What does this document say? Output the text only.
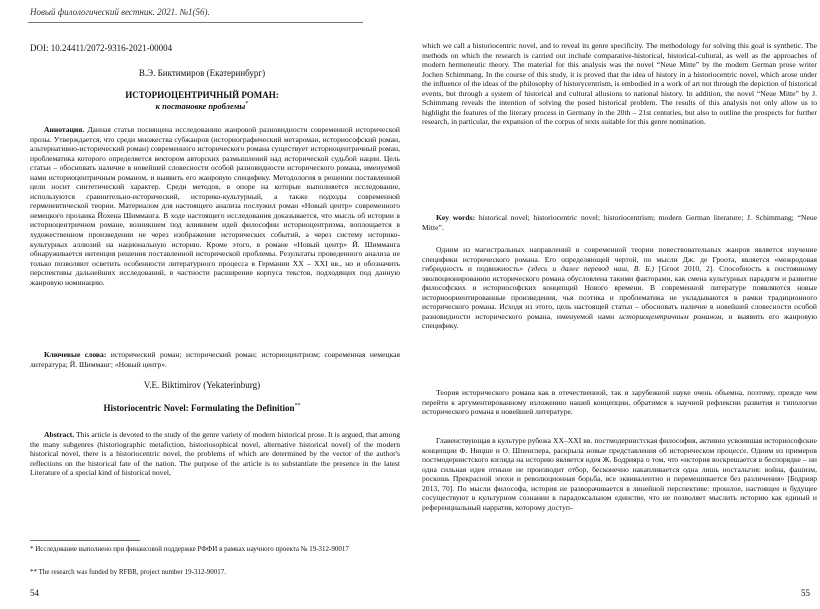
Новый филологический вестник. 2021. №1(56).
DOI: 10.24411/2072-9316-2021-00004
В.Э. Биктимиров (Екатеринбург)
ИСТОРИОЦЕНТРИЧНЫЙ РОМАН:
к постановке проблемы*
Аннотация. Данная статья посвящена исследованию жанровой разновидности современной исторической прозы. Утверждается, что среди множества субжанров (историографический метароман, историософский роман, альтернативно-исторический роман) современного исторического романа существует историоцентричный роман, проблематика которого определяется вектором авторских размышлений над исторической судьбой нации. Цель статьи – обосновать наличие в новейшей словесности особой разновидности исторического романа, именуемой нами историоцентричным романом, и выявить его жанровую специфику. Методология в решении поставленной цели носит синтетический характер. Среди методов, в опоре на которые выполняется исследование, используются сравнительно-исторический, историко-культурный, а также подходы современной герменевтической теории. Материалом для настоящего анализа послужил роман «Новый центр» современного немецкого прозаика Йохена Шимманга. В ходе настоящего исследования доказывается, что мысль об истории в историоцентричном романе, возникшем под влиянием идей философии историоцентризма, воплощается в художественном произведении не через изображение исторических событий, а через систему историко-культурных аллюзий на национальную историю. Кроме этого, в романе «Новый центр» Й. Шимманга обнаруживается интенция решения поставленной исторической проблемы. Результаты проведенного анализа не только позволяют осветить особенности литературного процесса в Германии XX – XXI вв., но и обозначить перспективы дальнейших исследований, в частности расширение корпуса текстов, подходящих под данную жанровую номинацию.
Ключевые слова: исторический роман; исторический роман; историоцентризм; современная немецкая литература; Й. Шимманг; «Новый центр».
V.E. Biktimirov (Yekaterinburg)
Historiocentric Novel: Formulating the Definition**
Abstract. This article is devoted to the study of the genre variety of modern historical prose. It is argued, that among the many subgenres (historiographic metafiction, historiosophical novel, alternative historical novel) of the modern historical novel, there is a historiocentric novel, the problems of which are determined by the vector of the author's reflections on the historical fate of the nation. The purpose of the article is to substantiate the presence in the latest Literature of a special kind of historical novel,
* Исследование выполнено при финансовой поддержке РФФИ в рамках научного проекта № 19-312-90017
** The research was funded by RFBR, project number 19-312-90017.
54
which we call a historiocentric novel, and to reveal its genre specificity. The methodology for solving this goal is synthetic. The methods on which the research is carried out include comparative-historical, historical-cultural, as well as the approaches of modern hermeneutic theory. The material for this analysis was the novel “Neue Mitte” by the modern German prose writer Jochen Schimmang. In the course of this study, it is proved that the idea of history in a historiocentric novel, which arose under the influence of the ideas of the philosophy of historycentrism, is embodied in a work of art not through the depiction of historical events, but through a system of historical and cultural allusions to national history. In addition, the novel “Neue Mitte” by J. Schimmang reveals the intention of solving the posed historical problem. The results of this analysis not only allow us to highlight the features of the literary process in Germany in the 20th – 21st centuries, but also to outline the prospects for further research, in particular, the expansion of the corpus of texts suitable for this genre nomination.
Key words: historical novel; historiocentric novel; historiocentrism; modern German literature; J. Schimmang; “Neue Mitte”.
Одним из магистральных направлений в современной теории повествовательных жанров является изучение специфики исторического романа. Его определяющей чертой, по мысли Дж. де Гроота, является «межродовая гибридность и подвижность» (здесь и далее перевод наш, В. Б.) [Groot 2010, 2]. Способность к постоянному эволюционированию исторического романа обусловлена такими факторами, как смена культурных парадигм и развитие философских и историософских концепций Нового времени. В современной литературе появляются новые историоориентированные произведения, чья поэтика и проблематика не укладываются в рамки традиционного исторического романа. Исходя из этого, цель настоящей статьи – обосновать наличие в новейшей словесности особой разновидности исторического романа, именуемой нами историоцентричным романом, и выявить его жанровую специфику.
Теория исторического романа как в отечественной, так и зарубежной науке очень объемна, поэтому, прежде чем перейти к аргументированному изложению нашей концепции, обратимся к научной рефлексии развития и типологии исторического романа в новейшей литературе.
Главенствующая в культуре рубежа XX–XXI вв. постмодернистская философия, активно усвоившая историософские концепции Ф. Ницше и О. Шпенглера, раскрыла новые представления об историческом процессе. Одним из примеров постмодернистского взгляда на историю является идея Ж. Бодрияра о том, что «история воскрешается в беспорядке – ни одна сильная идея отныне не производит отбор, бесконечно накапливается одна лишь ностальгия: война, фашизм, роскошь Прекрасной эпохи и революционная борьба, все эквивалентно и перемешивается без различения» [Бодрияр 2013, 70]. По мысли философа, история не разворачивается в линейной перспективе: прошлое, настоящее и будущее сосуществуют в культурном сознании в парадоксальном единстве, что не позволяет мыслить историю как единый и референциальный нарратив, которому доступ-
55
